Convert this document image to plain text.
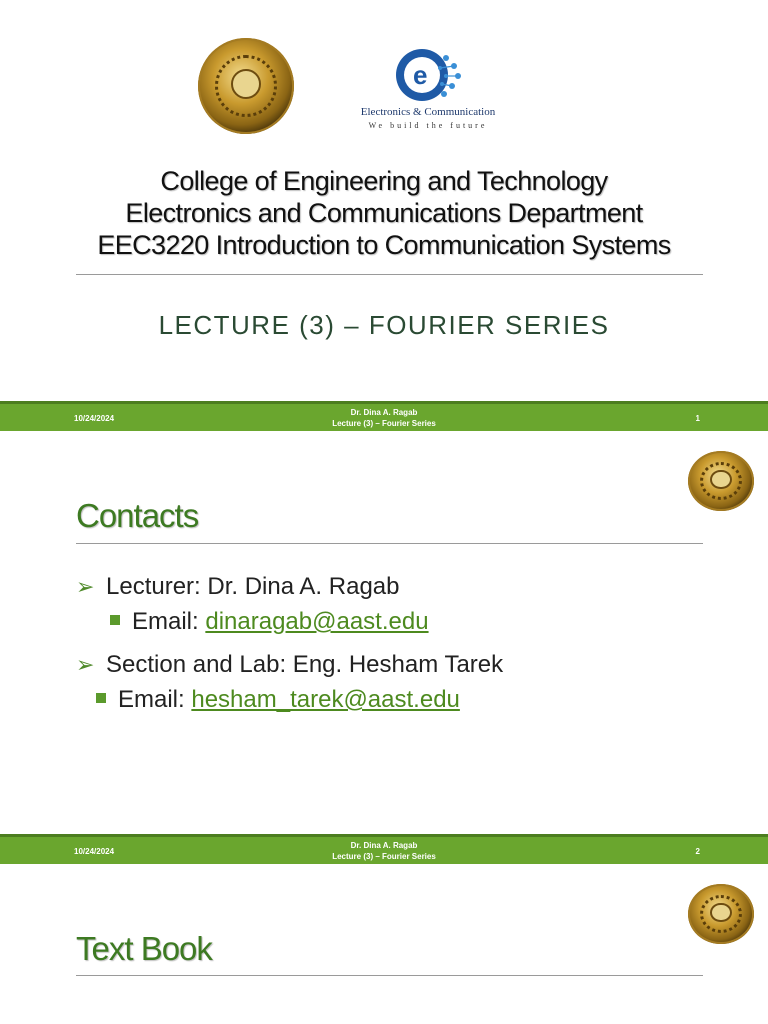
e
Electronics & Communication
We build the future
College of Engineering and Technology
Electronics and Communications Department
EEC3220 Introduction to Communication Systems
LECTURE (3) – FOURIER SERIES
10/24/2024
Dr. Dina A. Ragab
Lecture (3) – Fourier Series
1
Contacts
➢ Lecturer: Dr. Dina A. Ragab
Email: dinaragab@aast.edu
➢ Section and Lab: Eng. Hesham Tarek
Email: hesham_tarek@aast.edu
10/24/2024
Dr. Dina A. Ragab
Lecture (3) – Fourier Series
2
Text Book
